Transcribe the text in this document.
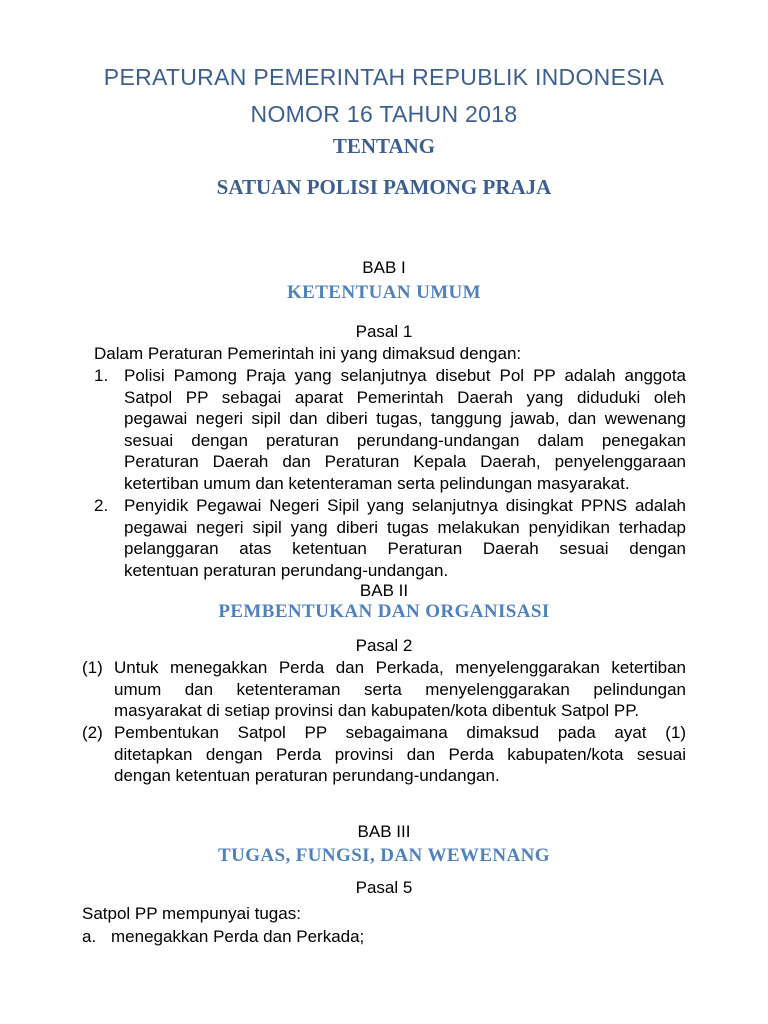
PERATURAN PEMERINTAH REPUBLIK INDONESIA
NOMOR 16 TAHUN 2018
TENTANG
SATUAN POLISI PAMONG PRAJA
BAB I
KETENTUAN UMUM
Pasal 1
Dalam Peraturan Pemerintah ini yang dimaksud dengan:
1. Polisi Pamong Praja yang selanjutnya disebut Pol PP adalah anggota
Satpol PP sebagai aparat Pemerintah Daerah yang diduduki oleh
pegawai negeri sipil dan diberi tugas, tanggung jawab, dan wewenang
sesuai dengan peraturan perundang-undangan dalam penegakan
Peraturan Daerah dan Peraturan Kepala Daerah, penyelenggaraan
ketertiban umum dan ketenteraman serta pelindungan masyarakat.
2. Penyidik Pegawai Negeri Sipil yang selanjutnya disingkat PPNS adalah
pegawai negeri sipil yang diberi tugas melakukan penyidikan terhadap
pelanggaran atas ketentuan Peraturan Daerah sesuai dengan
ketentuan peraturan perundang-undangan.
BAB II
PEMBENTUKAN DAN ORGANISASI
Pasal 2
(1) Untuk menegakkan Perda dan Perkada, menyelenggarakan ketertiban
umum dan ketenteraman serta menyelenggarakan pelindungan
masyarakat di setiap provinsi dan kabupaten/kota dibentuk Satpol PP.
(2) Pembentukan Satpol PP sebagaimana dimaksud pada ayat (1)
ditetapkan dengan Perda provinsi dan Perda kabupaten/kota sesuai
dengan ketentuan peraturan perundang-undangan.
BAB III
TUGAS, FUNGSI, DAN WEWENANG
Pasal 5
Satpol PP mempunyai tugas:
a. menegakkan Perda dan Perkada;
